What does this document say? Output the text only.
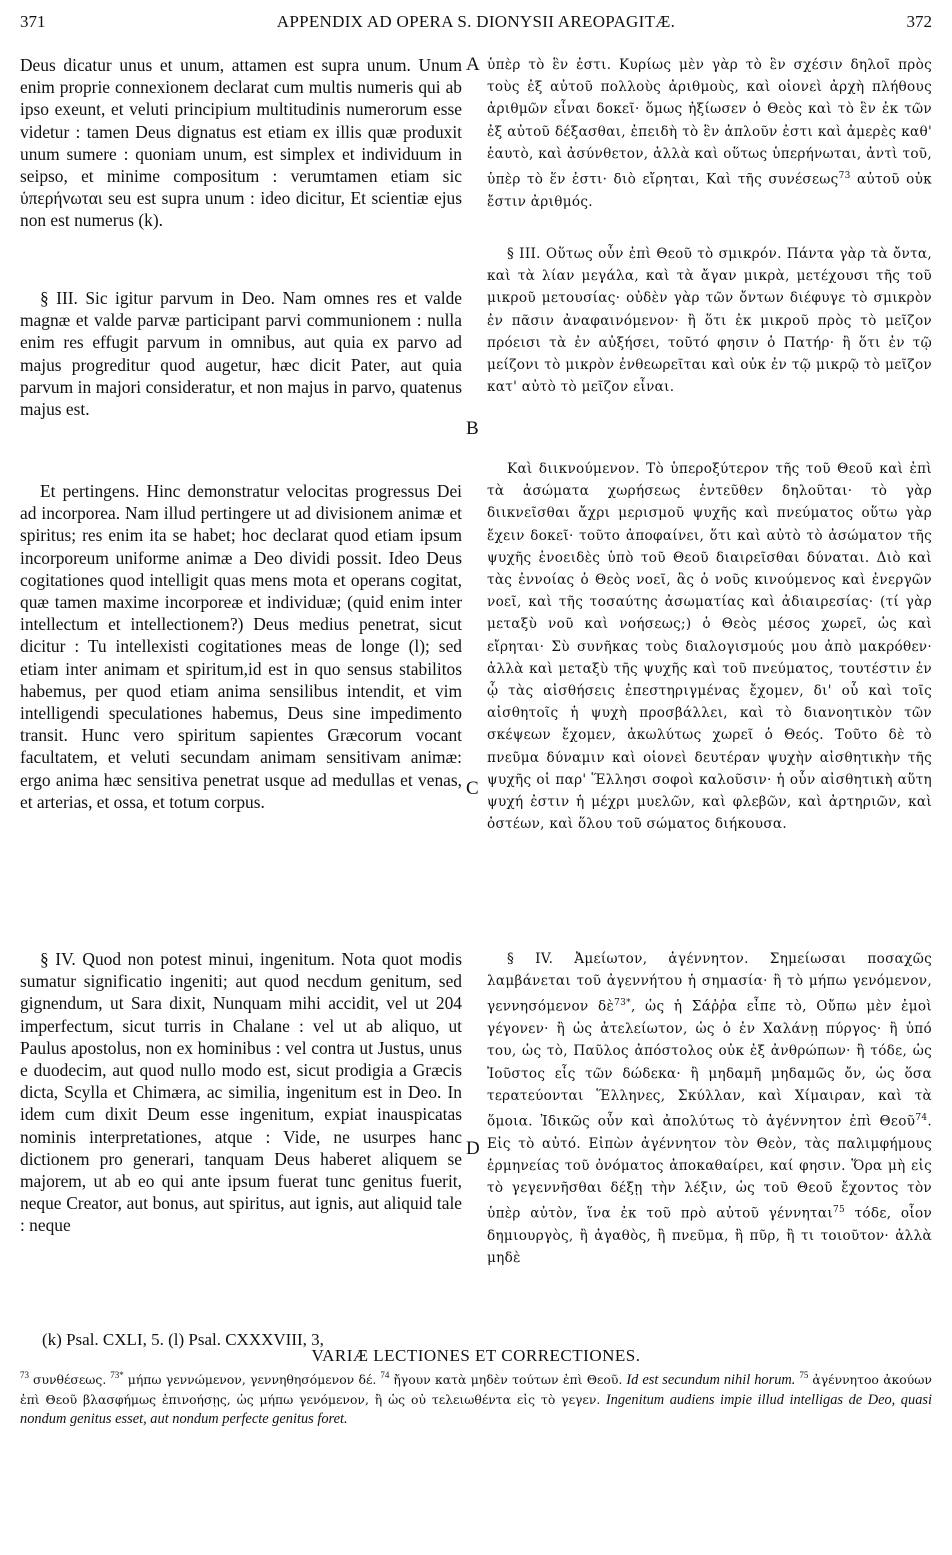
371	APPENDIX AD OPERA S. DIONYSII AREOPAGITÆ.	372

Deus dicatur unus et unum, attamen est supra unum. Unum enim proprie connexionem declarat cum multis numeris qui ab ipso exeunt, et veluti principium multitudinis numerorum esse videtur : tamen Deus dignatus est etiam ex illis quæ produxit unum sumere : quoniam unum, est simplex et individuum in seipso, et minime compositum : verumtamen etiam sic ὑπερήνωται seu est supra unum : ideo dicitur, Et scientiæ ejus non est numerus (k).

§ III. Sic igitur parvum in Deo. Nam omnes res et valde magnæ et valde parvæ participant parvi communionem : nulla enim res effugit parvum in omnibus, aut quia ex parvo ad majus progreditur quod augetur, hæc dicit Pater, aut quia parvum in majori consideratur, et non majus in parvo, quatenus majus est.

Et pertingens. Hinc demonstratur velocitas progressus Dei ad incorporea. Nam illud pertingere ut ad divisionem animæ et spiritus; res enim ita se habet; hoc declarat quod etiam ipsum incorporeum uniforme animæ a Deo dividi possit. Ideo Deus cogitationes quod intelligit quas mens mota et operans cogitat, quæ tamen maxime incorporeæ et individuæ; (quid enim inter intellectum et intellectionem?) Deus medius penetrat, sicut dicitur : Tu intellexisti cogitationes meas de longe (l); sed etiam inter animam et spiritum,id est in quo sensus stabilitos habemus, per quod etiam anima sensilibus intendit, et vim intelligendi speculationes habemus, Deus sine impedimento transit. Hunc vero spiritum sapientes Græcorum vocant facultatem, et veluti secundam animam sensitivam animæ: ergo anima hæc sensitiva penetrat usque ad medullas et venas, et arterias, et ossa, et totum corpus.

§ IV. Quod non potest minui, ingenitum. Nota quot modis sumatur significatio ingeniti; aut quod necdum genitum, sed gignendum, ut Sara dixit, Nunquam mihi accidit, vel ut 204 imperfectum, sicut turris in Chalane : vel ut ab aliquo, ut Paulus apostolus, non ex hominibus : vel contra ut Justus, unus e duodecim, aut quod nullo modo est, sicut prodigia a Græcis dicta, Scylla et Chimæra, ac similia, ingenitum est in Deo. In idem cum dixit Deum esse ingenitum, expiat inauspicatas nominis interpretationes, atque : Vide, ne usurpes hanc dictionem pro generari, tanquam Deus haberet aliquem se majorem, ut ab eo qui ante ipsum fuerat tunc genitus fuerit, neque Creator, aut bonus, aut spiritus, aut ignis, aut aliquid tale : neque

A
B
C
D

ὑπὲρ τὸ ἓν ἐστι. Κυρίως μὲν γὰρ τὸ ἓν σχέσιν δηλοῖ πρὸς τοὺς ἐξ αὐτοῦ πολλοὺς ἀριθμοὺς, καὶ οἱονεὶ ἀρχὴ πλήθους ἀριθμῶν εἶναι δοκεῖ· ὅμως ἠξίωσεν ὁ Θεὸς καὶ τὸ ἓν ἐκ τῶν ἐξ αὐτοῦ δέξασθαι, ἐπειδὴ τὸ ἓν ἁπλοῦν ἐστι καὶ ἀμερὲς καθ' ἑαυτὸ, καὶ ἀσύνθετον, ἀλλὰ καὶ οὕτως ὑπερήνωται, ἀντὶ τοῦ, ὑπὲρ τὸ ἕν ἐστι· διὸ εἴρηται, Καὶ τῆς συνέσεως$^{73}$ αὐτοῦ οὐκ ἔστιν ἀριθμός.

§ III. Οὕτως οὖν ἐπὶ Θεοῦ τὸ σμικρόν. Πάντα γὰρ τὰ ὄντα, καὶ τὰ λίαν μεγάλα, καὶ τὰ ἄγαν μικρὰ, μετέχουσι τῆς τοῦ μικροῦ μετουσίας· οὐδὲν γὰρ τῶν ὄντων διέφυγε τὸ σμικρὸν ἐν πᾶσιν ἀναφαινόμενον· ἢ ὅτι ἐκ μικροῦ πρὸς τὸ μεῖζον πρόεισι τὰ ἐν αὐξήσει, τοῦτό φησιν ὁ Πατήρ· ἢ ὅτι ἐν τῷ μείζονι τὸ μικρὸν ἐνθεωρεῖται καὶ οὐκ ἐν τῷ μικρῷ τὸ μεῖζον κατ' αὐτὸ τὸ μεῖζον εἶναι.

Καὶ διικνούμενον. Τὸ ὑπεροξύτερον τῆς τοῦ Θεοῦ καὶ ἐπὶ τὰ ἀσώματα χωρήσεως ἐντεῦθεν δηλοῦται· τὸ γὰρ διικνεῖσθαι ἄχρι μερισμοῦ ψυχῆς καὶ πνεύματος οὕτω γὰρ ἔχειν δοκεῖ· τοῦτο ἀποφαίνει, ὅτι καὶ αὐτὸ τὸ ἀσώματον τῆς ψυχῆς ἑνοειδὲς ὑπὸ τοῦ Θεοῦ διαιρεῖσθαι δύναται. Διὸ καὶ τὰς ἐννοίας ὁ Θεὸς νοεῖ, ἃς ὁ νοῦς κινούμενος καὶ ἐνεργῶν νοεῖ, καὶ τῆς τοσαύτης ἀσωματίας καὶ ἀδιαιρεσίας· (τί γὰρ μεταξὺ νοῦ καὶ νοήσεως;) ὁ Θεὸς μέσος χωρεῖ, ὡς καὶ εἴρηται· Σὺ συνῆκας τοὺς διαλογισμούς μου ἀπὸ μακρόθεν· ἀλλὰ καὶ μεταξὺ τῆς ψυχῆς καὶ τοῦ πνεύματος, τουτέστιν ἐν ᾧ τὰς αἰσθήσεις ἐπεστηριγμένας ἔχομεν, δι' οὗ καὶ τοῖς αἰσθητοῖς ἡ ψυχὴ προσβάλλει, καὶ τὸ διανοητικὸν τῶν σκέψεων ἔχομεν, ἀκωλύτως χωρεῖ ὁ Θεός. Τοῦτο δὲ τὸ πνεῦμα δύναμιν καὶ οἱονεὶ δευτέραν ψυχὴν αἰσθητικὴν τῆς ψυχῆς οἱ παρ' Ἕλλησι σοφοὶ καλοῦσιν· ἡ οὖν αἰσθητικὴ αὕτη ψυχή ἐστιν ἡ μέχρι μυελῶν, καὶ φλεβῶν, καὶ ἀρτηριῶν, καὶ ὀστέων, καὶ ὅλου τοῦ σώματος διήκουσα.

§ IV. Ἀμείωτον, ἀγέννητον. Σημείωσαι ποσαχῶς λαμβάνεται τοῦ ἀγεννήτου ἡ σημασία· ἢ τὸ μήπω γενόμενον, γεννησόμενον δὲ$^{73*}$, ὡς ἡ Σάῤῥα εἶπε τὸ, Οὔπω μὲν ἐμοὶ γέγονεν· ἢ ὡς ἀτελείωτον, ὡς ὁ ἐν Χαλάνῃ πύργος· ἢ ὑπό του, ὡς τὸ, Παῦλος ἀπόστολος οὐκ ἐξ ἀνθρώπων· ἢ τόδε, ὡς Ἰοῦστος εἷς τῶν δώδεκα· ἢ μηδαμῆ μηδαμῶς ὄν, ὡς ὅσα τερατεύονται Ἕλληνες, Σκύλλαν, καὶ Χίμαιραν, καὶ τὰ ὅμοια. Ἰδικῶς οὖν καὶ ἀπολύτως τὸ ἀγέννητον ἐπὶ Θεοῦ$^{74}$. Εἰς τὸ αὐτό. Εἰπὼν ἀγέννητον τὸν Θεὸν, τὰς παλιμφήμους ἑρμηνείας τοῦ ὀνόματος ἀποκαθαίρει, καί φησιν. Ὅρα μὴ εἰς τὸ γεγεννῆσθαι δέξῃ τὴν λέξιν, ὡς τοῦ Θεοῦ ἔχοντος τὸν ὑπὲρ αὐτὸν, ἵνα ἐκ τοῦ πρὸ αὐτοῦ γέννηται$^{75}$ τόδε, οἷον δημιουργὸς, ἢ ἀγαθὸς, ἢ πνεῦμα, ἢ πῦρ, ἢ τι τοιοῦτον· ἀλλὰ μηδὲ

(k) Psal. CXLI, 5. (l) Psal. CXXXVIII, 3,
VARIÆ LECTIONES ET CORRECTIONES.
$^{73}$ συνθέσεως. $^{73*}$ μήπω γεννώμενον, γεννηθησόμενον δέ. $^{74}$ ἤγουν κατὰ μηδὲν τούτων ἐπὶ Θεοῦ. Id est secundum nihil horum. $^{75}$ ἀγέννητοο ἀκούων ἐπὶ Θεοῦ βλασφήμως ἐπινοήσῃς, ὡς μήπω γενόμενον, ἢ ὡς οὐ τελειωθέντα εἰς τὸ γεγεν. Ingenitum audiens impie illud intelligas de Deo, quasi nondum genitus esset, aut nondum perfecte genitus foret.
